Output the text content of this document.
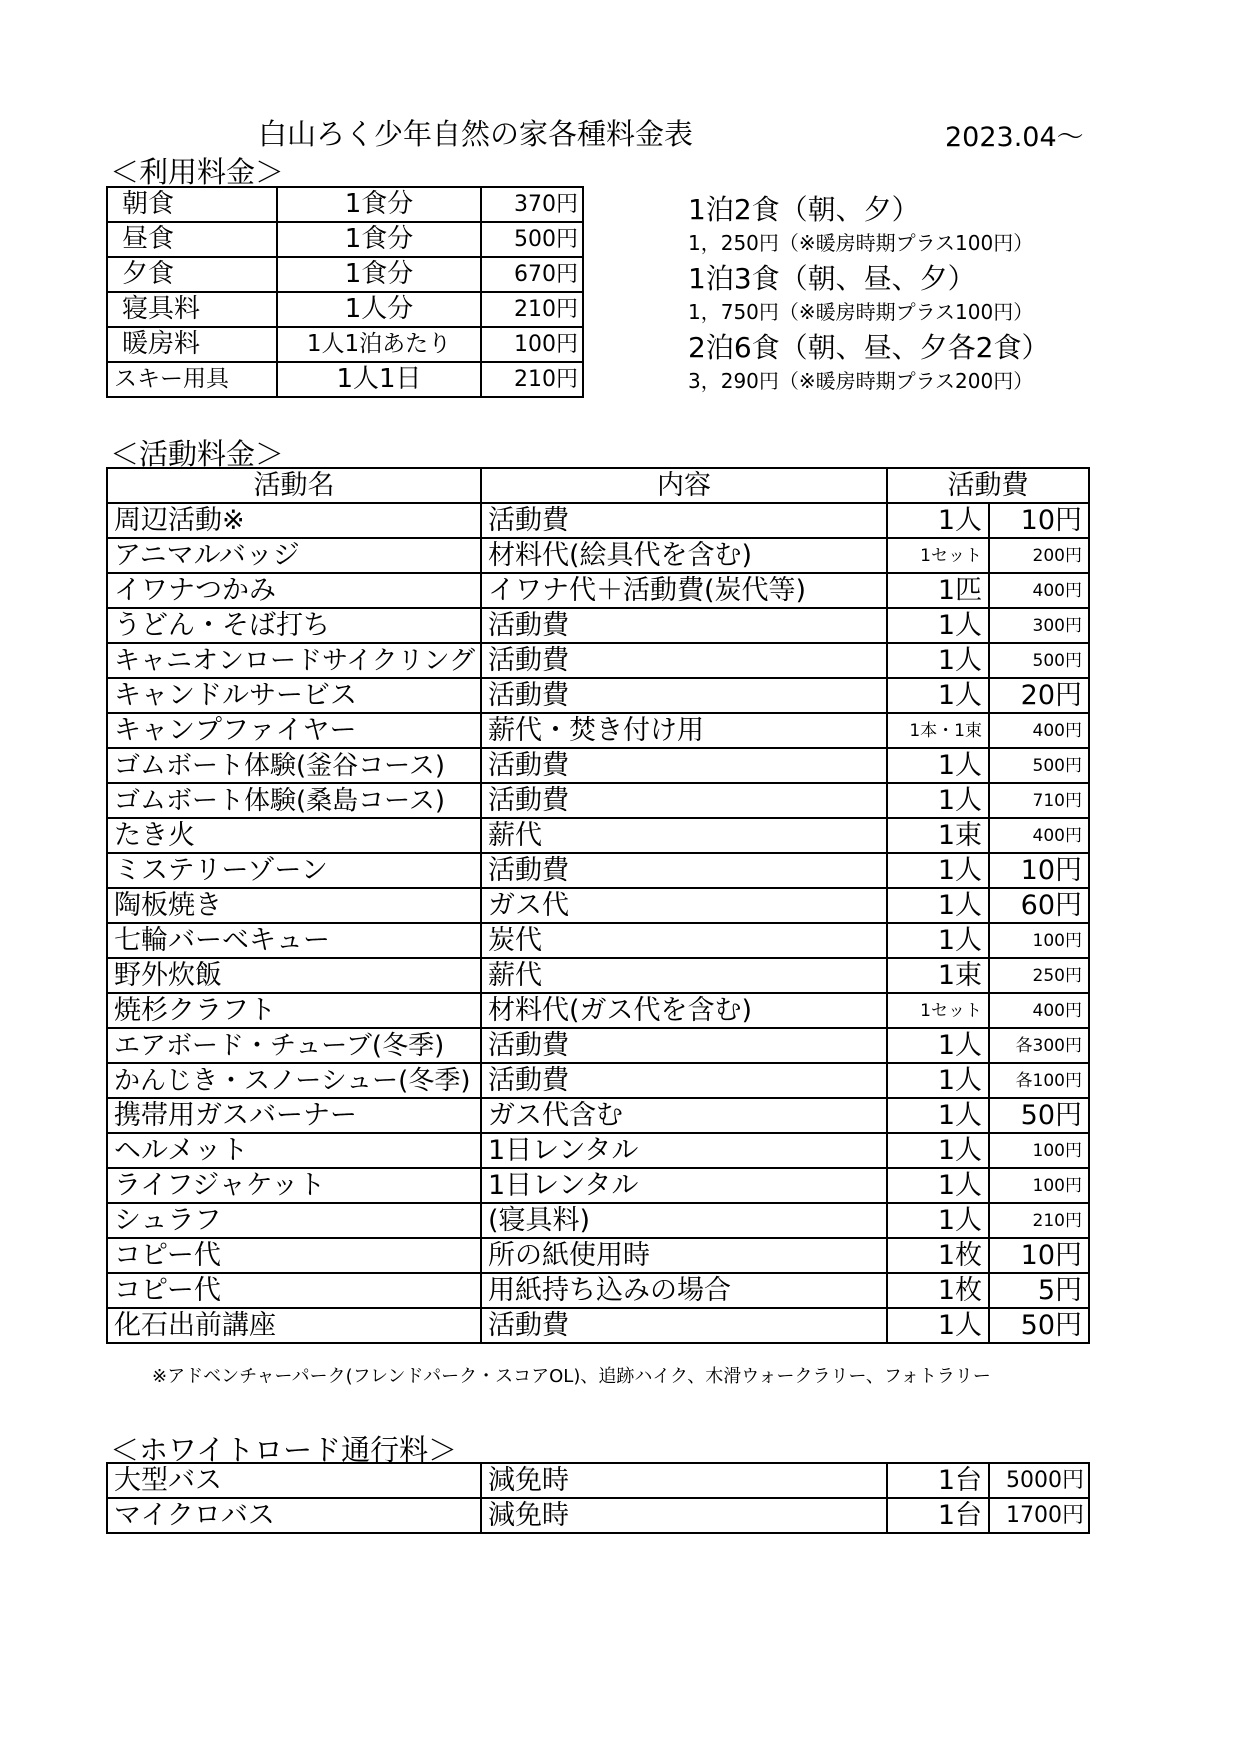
白山ろく少年自然の家各種料金表	2023.04～
＜利用料金＞
朝食	1食分	370円
昼食	1食分	500円
夕食	1食分	670円
寝具料	1人分	210円
暖房料	1人1泊あたり	100円
スキー用具	1人1日	210円
1泊2食（朝、夕）
1，250円（※暖房時期プラス100円）
1泊3食（朝、昼、夕）
1，750円（※暖房時期プラス100円）
2泊6食（朝、昼、夕各2食）
3，290円（※暖房時期プラス200円）
＜活動料金＞
活動名	内容	活動費	
周辺活動※	活動費	1人	10円
アニマルバッジ	材料代(絵具代を含む)	1セット	200円
イワナつかみ	イワナ代＋活動費(炭代等)	1匹	400円
うどん・そば打ち	活動費	1人	300円
キャニオンロードサイクリング	活動費	1人	500円
キャンドルサービス	活動費	1人	20円
キャンプファイヤー	薪代・焚き付け用	1本・1束	400円
ゴムボート体験(釜谷コース)	活動費	1人	500円
ゴムボート体験(桑島コース)	活動費	1人	710円
たき火	薪代	1束	400円
ミステリーゾーン	活動費	1人	10円
陶板焼き	ガス代	1人	60円
七輪バーベキュー	炭代	1人	100円
野外炊飯	薪代	1束	250円
焼杉クラフト	材料代(ガス代を含む)	1セット	400円
エアボード・チューブ(冬季)	活動費	1人	各300円
かんじき・スノーシュー(冬季)	活動費	1人	各100円
携帯用ガスバーナー	ガス代含む	1人	50円
ヘルメット	1日レンタル	1人	100円
ライフジャケット	1日レンタル	1人	100円
シュラフ	(寝具料)	1人	210円
コピー代	所の紙使用時	1枚	10円
コピー代	用紙持ち込みの場合	1枚	5円
化石出前講座	活動費	1人	50円
※アドベンチャーパーク(フレンドパーク・スコアOL)、追跡ハイク、木滑ウォークラリー、フォトラリー
＜ホワイトロード通行料＞
大型バス	減免時	1台	5000円
マイクロバス	減免時	1台	1700円
